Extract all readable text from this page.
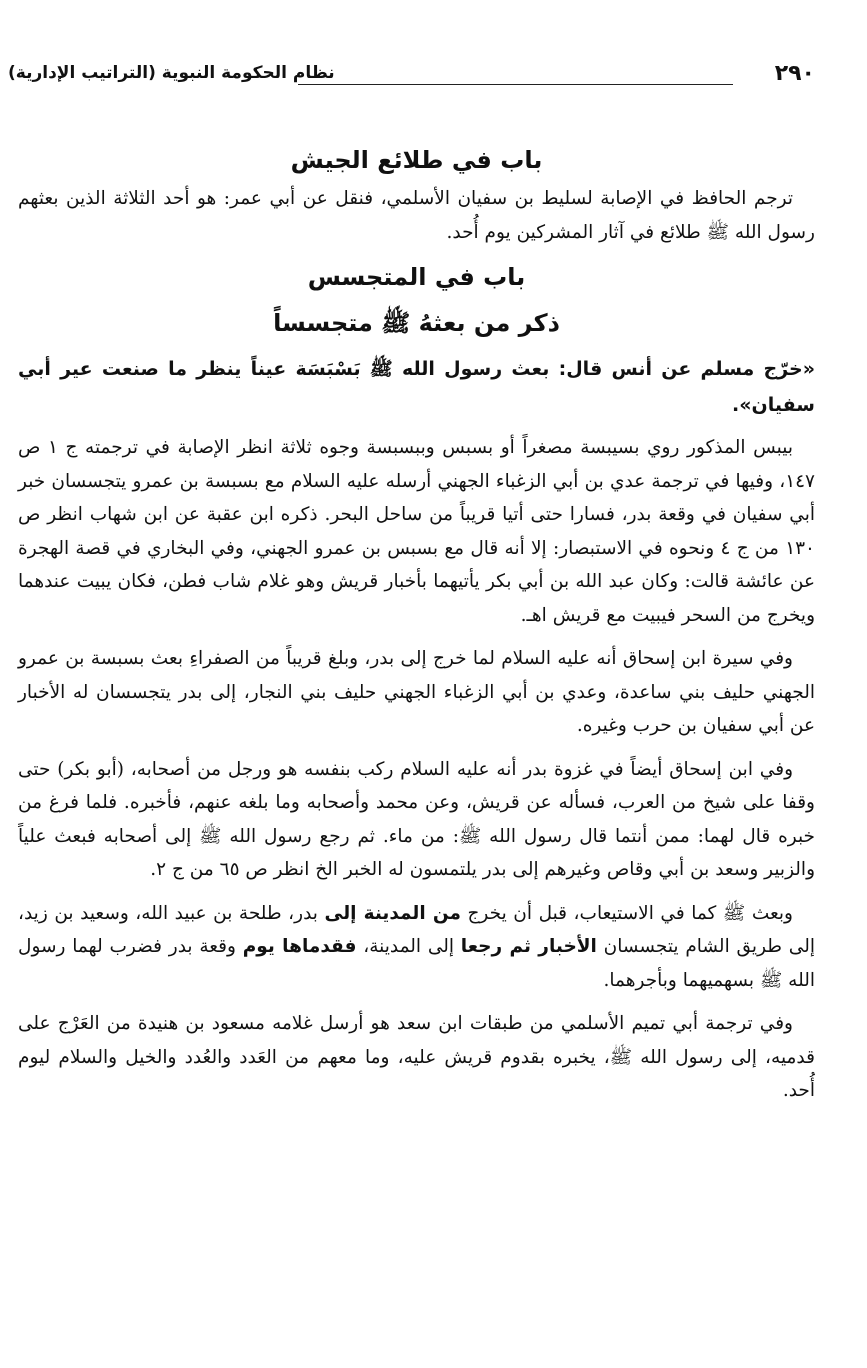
٢٩٠
نظام الحكومة النبوية (التراتيب الإدارية)
باب في طلائع الجيش

ترجم الحافظ في الإصابة لسليط بن سفيان الأسلمي، فنقل عن أبي عمر: هو أحد الثلاثة الذين بعثهم رسول الله ﷺ طلائع في آثار المشركين يوم أُحد.

باب في المتجسس
ذكر من بعثهُ ﷺ متجسساً

«خرّج مسلم عن أنس قال: بعث رسول الله ﷺ بَسْبَسَة عيناً ينظر ما صنعت عير أبي سفيان».

بيبس المذكور روي بسيبسة مصغراً أو بسبس وببسبسة وجوه ثلاثة انظر الإصابة في ترجمته ج ١ ص ١٤٧، وفيها في ترجمة عدي بن أبي الزغباء الجهني أرسله عليه السلام مع بسبسة بن عمرو يتجسسان خبر أبي سفيان في وقعة بدر، فسارا حتى أتيا قريباً من ساحل البحر. ذكره ابن عقبة عن ابن شهاب انظر ص ١٣٠ من ج ٤ ونحوه في الاستبصار: إلا أنه قال مع بسبس بن عمرو الجهني، وفي البخاري في قصة الهجرة عن عائشة قالت: وكان عبد الله بن أبي بكر يأتيهما بأخبار قريش وهو غلام شاب فطن، فكان يبيت عندهما ويخرج من السحر فيبيت مع قريش اهـ.

وفي سيرة ابن إسحاق أنه عليه السلام لما خرج إلى بدر، وبلغ قريباً من الصفراءِ بعث بسبسة بن عمرو الجهني حليف بني ساعدة، وعدي بن أبي الزغباء الجهني حليف بني النجار، إلى بدر يتجسسان له الأخبار عن أبي سفيان بن حرب وغيره.

وفي ابن إسحاق أيضاً في غزوة بدر أنه عليه السلام ركب بنفسه هو ورجل من أصحابه، (أبو بكر) حتى وقفا على شيخ من العرب، فسأله عن قريش، وعن محمد وأصحابه وما بلغه عنهم، فأخبره. فلما فرغ من خبره قال لهما: ممن أنتما قال رسول الله ﷺ: من ماء. ثم رجع رسول الله ﷺ إلى أصحابه فبعث علياً والزبير وسعد بن أبي وقاص وغيرهم إلى بدر يلتمسون له الخبر الخ انظر ص ٦٥ من ج ٢.

وبعث ﷺ كما في الاستيعاب، قبل أن يخرج من المدينة إلى بدر، طلحة بن عبيد الله، وسعيد بن زيد، إلى طريق الشام يتجسسان الأخبار ثم رجعا إلى المدينة، فقدماها يوم وقعة بدر فضرب لهما رسول الله ﷺ بسهميهما وبأجرهما.

وفي ترجمة أبي تميم الأسلمي من طبقات ابن سعد هو أرسل غلامه مسعود بن هنيدة من العَرْج على قدميه، إلى رسول الله ﷺ، يخبره بقدوم قريش عليه، وما معهم من العَدد والعُدد والخيل والسلام ليوم أُحد.
